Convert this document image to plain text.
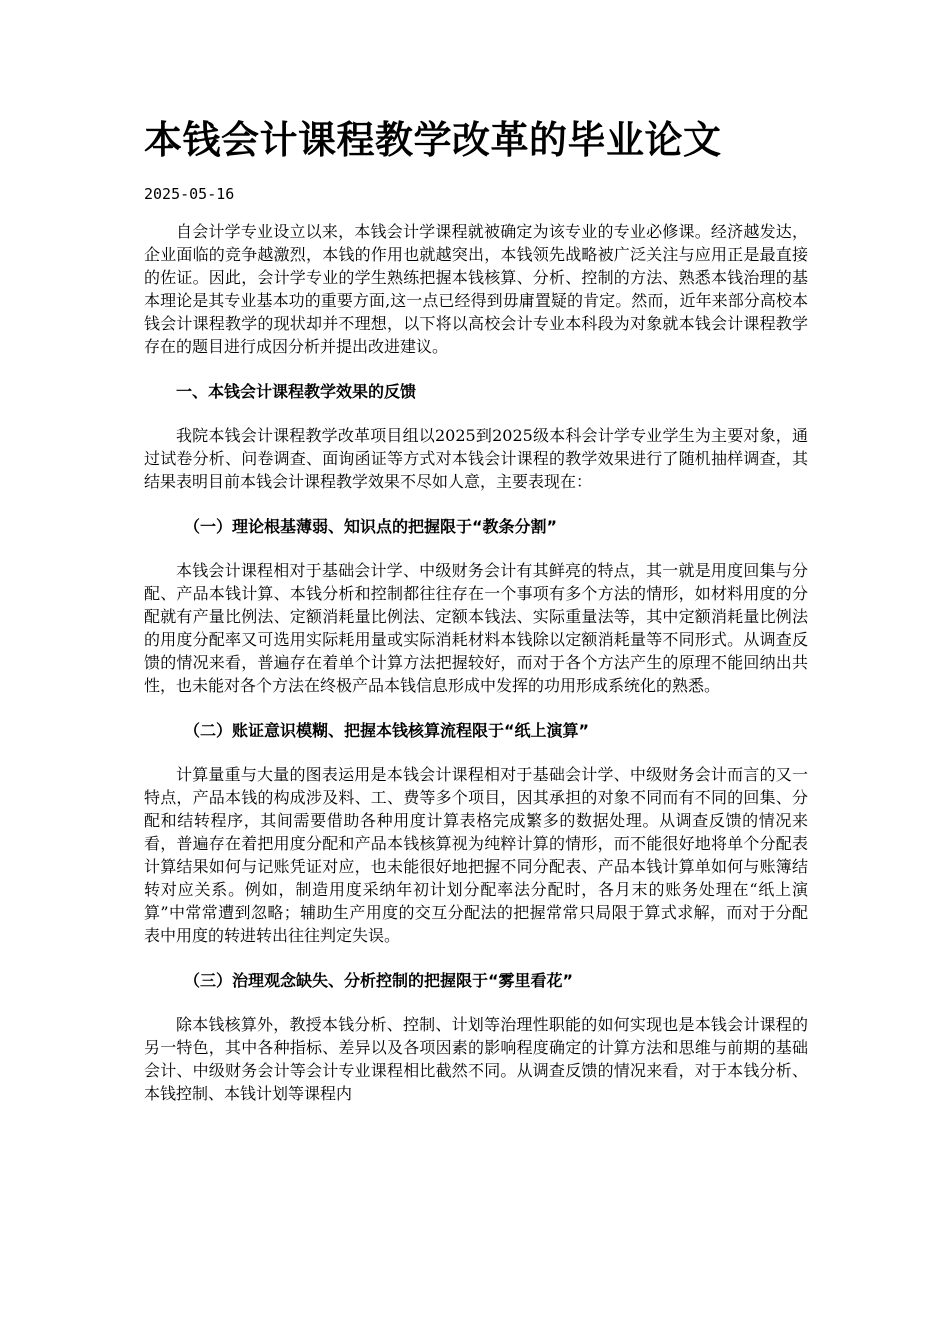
本钱会计课程教学改革的毕业论文
2025-05-16

自会计学专业设立以来，本钱会计学课程就被确定为该专业的专业必修课。经济越发达，企业面临的竞争越激烈，本钱的作用也就越突出，本钱领先战略被广泛关注与应用正是最直接的佐证。因此，会计学专业的学生熟练把握本钱核算、分析、控制的方法、熟悉本钱治理的基本理论是其专业基本功的重要方面,这一点已经得到毋庸置疑的肯定。然而，近年来部分高校本钱会计课程教学的现状却并不理想，以下将以高校会计专业本科段为对象就本钱会计课程教学存在的题目进行成因分析并提出改进建议。

一、本钱会计课程教学效果的反馈

我院本钱会计课程教学改革项目组以2025到2025级本科会计学专业学生为主要对象，通过试卷分析、问卷调查、面询函证等方式对本钱会计课程的教学效果进行了随机抽样调查，其结果表明目前本钱会计课程教学效果不尽如人意，主要表现在：

（一）理论根基薄弱、知识点的把握限于“教条分割”

本钱会计课程相对于基础会计学、中级财务会计有其鲜亮的特点，其一就是用度回集与分配、产品本钱计算、本钱分析和控制都往往存在一个事项有多个方法的情形，如材料用度的分配就有产量比例法、定额消耗量比例法、定额本钱法、实际重量法等，其中定额消耗量比例法的用度分配率又可选用实际耗用量或实际消耗材料本钱除以定额消耗量等不同形式。从调查反馈的情况来看，普遍存在着单个计算方法把握较好，而对于各个方法产生的原理不能回纳出共性，也未能对各个方法在终极产品本钱信息形成中发挥的功用形成系统化的熟悉。

（二）账证意识模糊、把握本钱核算流程限于“纸上演算”

计算量重与大量的图表运用是本钱会计课程相对于基础会计学、中级财务会计而言的又一特点，产品本钱的构成涉及料、工、费等多个项目，因其承担的对象不同而有不同的回集、分配和结转程序，其间需要借助各种用度计算表格完成繁多的数据处理。从调查反馈的情况来看，普遍存在着把用度分配和产品本钱核算视为纯粹计算的情形，而不能很好地将单个分配表计算结果如何与记账凭证对应，也未能很好地把握不同分配表、产品本钱计算单如何与账簿结转对应关系。例如，制造用度采纳年初计划分配率法分配时，各月末的账务处理在“纸上演算”中常常遭到忽略；辅助生产用度的交互分配法的把握常常只局限于算式求解，而对于分配表中用度的转进转出往往判定失误。

（三）治理观念缺失、分析控制的把握限于“雾里看花”

除本钱核算外，教授本钱分析、控制、计划等治理性职能的如何实现也是本钱会计课程的另一特色，其中各种指标、差异以及各项因素的影响程度确定的计算方法和思维与前期的基础会计、中级财务会计等会计专业课程相比截然不同。从调查反馈的情况来看，对于本钱分析、本钱控制、本钱计划等课程内
